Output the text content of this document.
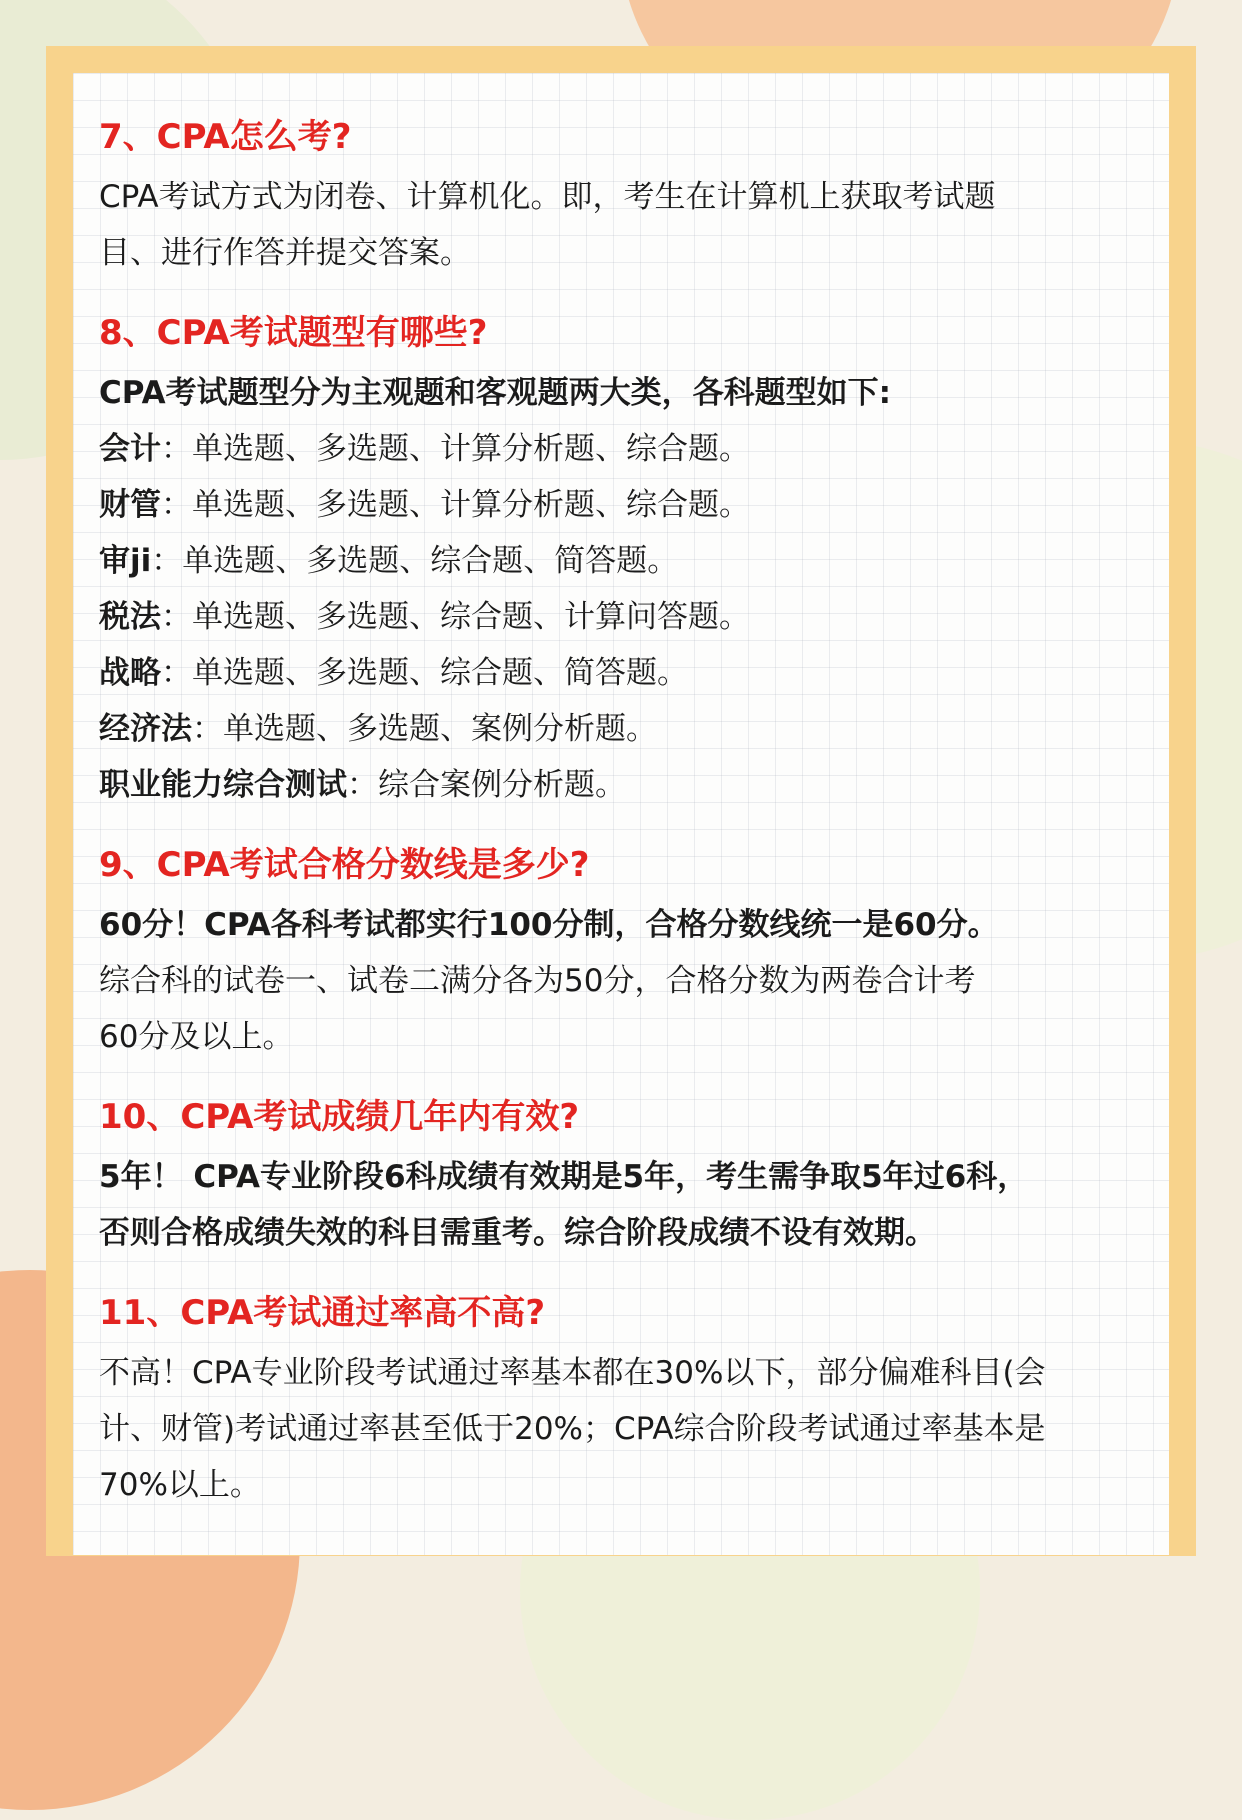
7、CPA怎么考?
CPA考试方式为闭卷、计算机化。即，考生在计算机上获取考试题
目、进行作答并提交答案。
8、CPA考试题型有哪些?
CPA考试题型分为主观题和客观题两大类，各科题型如下:
会计：单选题、多选题、计算分析题、综合题。
财管：单选题、多选题、计算分析题、综合题。
审ji：单选题、多选题、综合题、简答题。
税法：单选题、多选题、综合题、计算问答题。
战略：单选题、多选题、综合题、简答题。
经济法：单选题、多选题、案例分析题。
职业能力综合测试：综合案例分析题。
9、CPA考试合格分数线是多少?
60分！CPA各科考试都实行100分制，合格分数线统一是60分。
综合科的试卷一、试卷二满分各为50分，合格分数为两卷合计考
60分及以上。
10、CPA考试成绩几年内有效?
5年！ CPA专业阶段6科成绩有效期是5年，考生需争取5年过6科，
否则合格成绩失效的科目需重考。综合阶段成绩不设有效期。
11、CPA考试通过率高不高?
不高！CPA专业阶段考试通过率基本都在30%以下，部分偏难科目(会
计、财管)考试通过率甚至低于20%；CPA综合阶段考试通过率基本是
70%以上。
